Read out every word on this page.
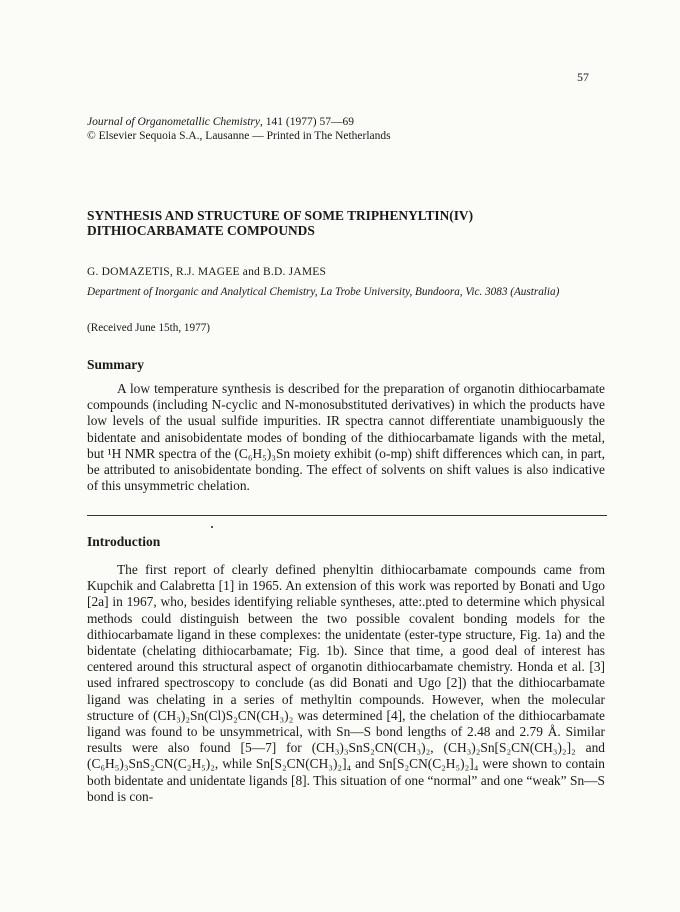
57
Journal of Organometallic Chemistry, 141 (1977) 57—69
© Elsevier Sequoia S.A., Lausanne — Printed in The Netherlands
SYNTHESIS AND STRUCTURE OF SOME TRIPHENYLTIN(IV)
DITHIOCARBAMATE COMPOUNDS
G. DOMAZETIS, R.J. MAGEE and B.D. JAMES
Department of Inorganic and Analytical Chemistry, La Trobe University, Bundoora, Vic. 3083 (Australia)
(Received June 15th, 1977)
Summary
A low temperature synthesis is described for the preparation of organotin dithiocarbamate compounds (including N-cyclic and N-monosubstituted derivatives) in which the products have low levels of the usual sulfide impurities. IR spectra cannot differentiate unambiguously the bidentate and anisobidentate modes of bonding of the dithiocarbamate ligands with the metal, but ¹H NMR spectra of the (C₆H₅)₃Sn moiety exhibit (o-mp) shift differences which can, in part, be attributed to anisobidentate bonding. The effect of solvents on shift values is also indicative of this unsymmetric chelation.
Introduction
The first report of clearly defined phenyltin dithiocarbamate compounds came from Kupchik and Calabretta [1] in 1965. An extension of this work was reported by Bonati and Ugo [2a] in 1967, who, besides identifying reliable syntheses, atte:.pted to determine which physical methods could distinguish between the two possible covalent bonding models for the dithiocarbamate ligand in these complexes: the unidentate (ester-type structure, Fig. 1a) and the bidentate (chelating dithiocarbamate; Fig. 1b). Since that time, a good deal of interest has centered around this structural aspect of organotin dithiocarbamate chemistry. Honda et al. [3] used infrared spectroscopy to conclude (as did Bonati and Ugo [2]) that the dithiocarbamate ligand was chelating in a series of methyltin compounds. However, when the molecular structure of (CH₃)₂Sn(Cl)S₂CN(CH₃)₂ was determined [4], the chelation of the dithiocarbamate ligand was found to be unsymmetrical, with Sn—S bond lengths of 2.48 and 2.79 Å. Similar results were also found [5—7] for (CH₃)₃SnS₂CN(CH₃)₂, (CH₃)₂Sn[S₂CN(CH₃)₂]₂ and (C₆H₅)₃SnS₂CN(C₂H₅)₂, while Sn[S₂CN(CH₃)₂]₄ and Sn[S₂CN(C₂H₅)₂]₄ were shown to contain both bidentate and unidentate ligands [8]. This situation of one “normal” and one “weak” Sn—S bond is con-
